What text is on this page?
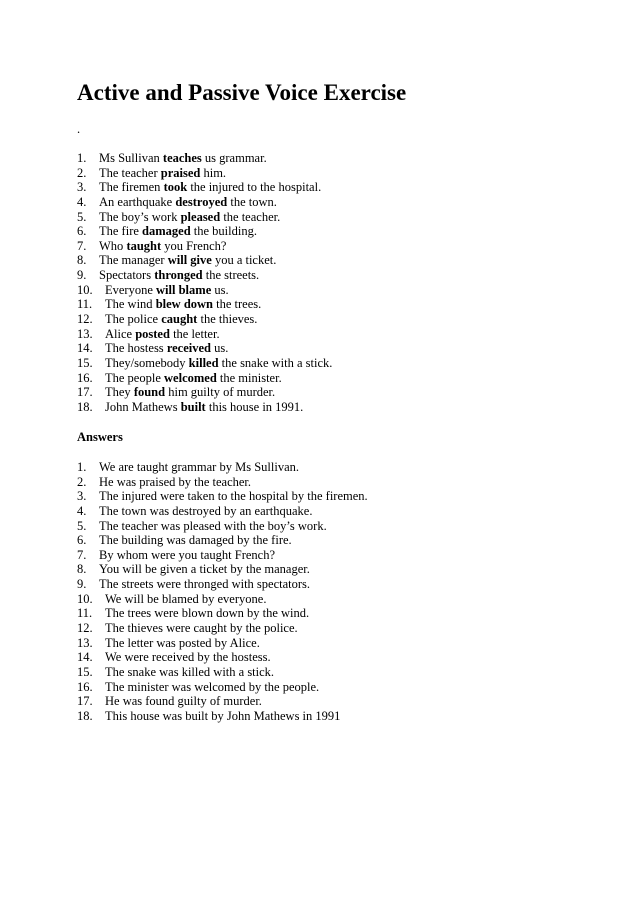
Active and Passive Voice Exercise
.
1. Ms Sullivan teaches us grammar.
2. The teacher praised him.
3. The firemen took the injured to the hospital.
4. An earthquake destroyed the town.
5. The boy’s work pleased the teacher.
6. The fire damaged the building.
7. Who taught you French?
8. The manager will give you a ticket.
9. Spectators thronged the streets.
10. Everyone will blame us.
11. The wind blew down the trees.
12. The police caught the thieves.
13. Alice posted the letter.
14. The hostess received us.
15. They/somebody killed the snake with a stick.
16. The people welcomed the minister.
17. They found him guilty of murder.
18. John Mathews built this house in 1991.
Answers
1. We are taught grammar by Ms Sullivan.
2. He was praised by the teacher.
3. The injured were taken to the hospital by the firemen.
4. The town was destroyed by an earthquake.
5. The teacher was pleased with the boy’s work.
6. The building was damaged by the fire.
7. By whom were you taught French?
8. You will be given a ticket by the manager.
9. The streets were thronged with spectators.
10. We will be blamed by everyone.
11. The trees were blown down by the wind.
12. The thieves were caught by the police.
13. The letter was posted by Alice.
14. We were received by the hostess.
15. The snake was killed with a stick.
16. The minister was welcomed by the people.
17. He was found guilty of murder.
18. This house was built by John Mathews in 1991
